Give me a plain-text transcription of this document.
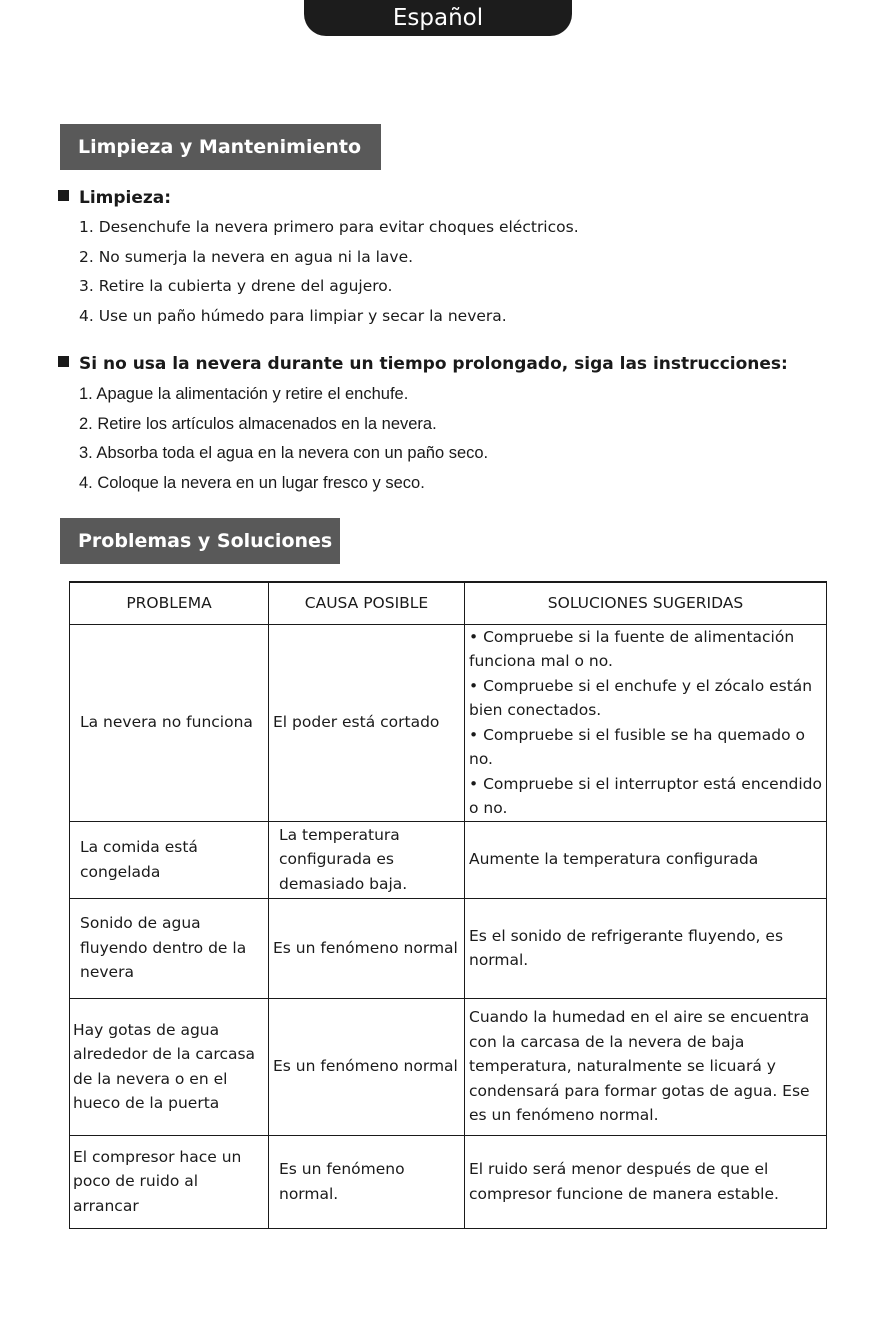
Español
Limpieza y Mantenimiento
Limpieza:
1. Desenchufe la nevera primero para evitar choques eléctricos.
2. No sumerja la nevera en agua ni la lave.
3. Retire la cubierta y drene del agujero.
4. Use un paño húmedo para limpiar y secar la nevera.
Si no usa la nevera durante un tiempo prolongado, siga las instrucciones:
1. Apague la alimentación y retire el enchufe.
2. Retire los artículos almacenados en la nevera.
3. Absorba toda el agua en la nevera con un paño seco.
4. Coloque la nevera en un lugar fresco y seco.
Problemas y Soluciones
PROBLEMA	CAUSA POSIBLE	SOLUCIONES SUGERIDAS
La nevera no funciona	El poder está cortado	• Compruebe si la fuente de alimentación funciona mal o no.
• Compruebe si el enchufe y el zócalo están bien conectados.
• Compruebe si el fusible se ha quemado o no.
• Compruebe si el interruptor está encendido o no.

La comida está congelada	La temperatura configurada es demasiado baja.	Aumente la temperatura configurada

Sonido de agua fluyendo dentro de la nevera	Es un fenómeno normal	Es el sonido de refrigerante fluyendo, es normal.

Hay gotas de agua alrededor de la carcasa de la nevera o en el hueco de la puerta	Es un fenómeno normal	Cuando la humedad en el aire se encuentra con la carcasa de la nevera de baja temperatura, naturalmente se licuará y condensará para formar gotas de agua. Ese es un fenómeno normal.

El compresor hace un poco de ruido al arrancar	Es un fenómeno normal.	El ruido será menor después de que el compresor funcione de manera estable.
